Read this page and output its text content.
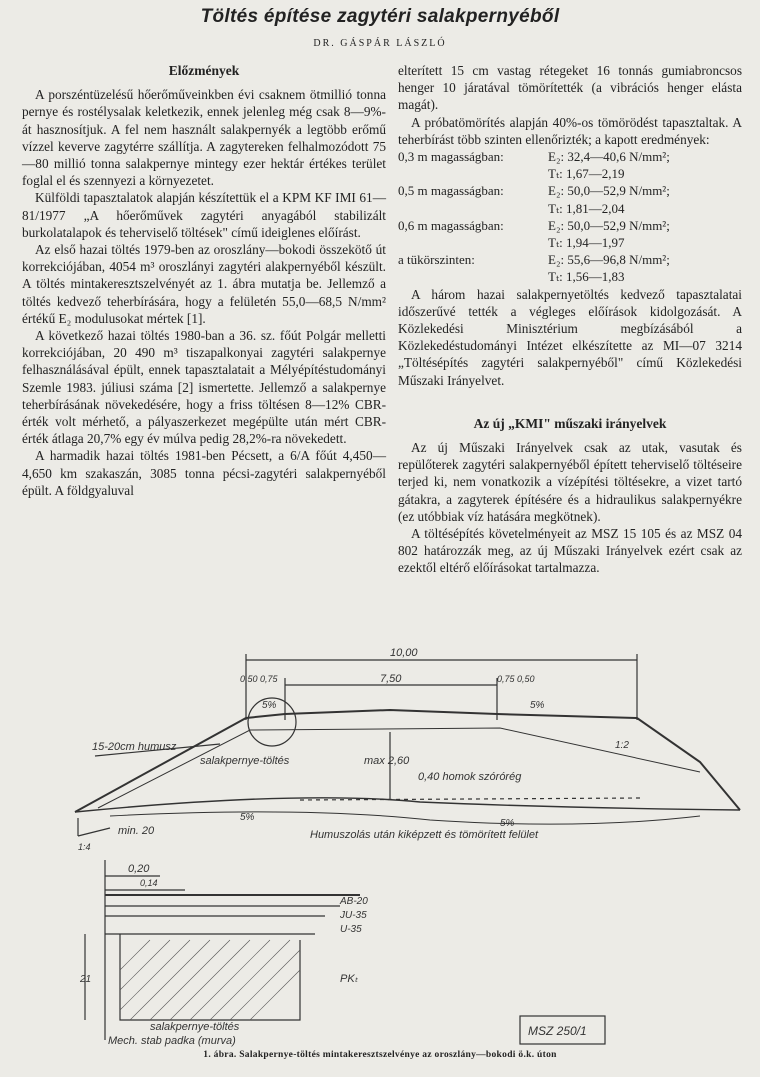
Töltés építése zagytéri salakpernyéből
DR. GÁSPÁR LÁSZLÓ
Előzmények

A porszéntüzelésű hőerőműveinkben évi csaknem ötmillió tonna pernye és rostélysalak keletkezik, ennek jelenleg még csak 8—9%-át hasznosítjuk. A fel nem használt salakpernyék a legtöbb erőmű vízzel keverve zagytérre szállítja. A zagytereken felhalmozódott 75—80 millió tonna salakpernye mintegy ezer hektár értékes terület foglal el és szennyezi a környezetet.

Külföldi tapasztalatok alapján készítettük el a KPM KF IMI 61—81/1977 „A hőerőművek zagytéri anyagából stabilizált burkolatalapok és teherviselő töltések" című ideiglenes előírást.

Az első hazai töltés 1979-ben az oroszlány—bokodi összekötő út korrekciójában, 4054 m³ oroszlányi zagytéri alakpernyéből készült. A töltés mintakeresztszelvényét az 1. ábra mutatja be. Jellemző a töltés kedvező teherbírására, hogy a felületén 55,0—68,5 N/mm² értékű E₂ modulusokat mértek [1].

A következő hazai töltés 1980-ban a 36. sz. főút Polgár melletti korrekciójában, 20 490 m³ tiszapalkonyai zagytéri salakpernye felhasználásával épült, ennek tapasztalatait a Mélyépítéstudományi Szemle 1983. júliusi száma [2] ismertette. Jellemző a salakpernye teherbírásának növekedésére, hogy a friss töltésen 8—12% CBR-érték volt mérhető, a pályaszerkezet megépülte után mért CBR-érték átlaga 20,7% egy év múlva pedig 28,2%-ra növekedett.

A harmadik hazai töltés 1981-ben Pécsett, a 6/A főút 4,450—4,650 km szakaszán, 3085 tonna pécsi-zagytéri salakpernyéből épült. A földgyaluval

elterített 15 cm vastag rétegeket 16 tonnás gumiabroncsos henger 10 járatával tömörítették (a vibrációs henger elásta magát).

A próbatömörítés alapján 40%-os tömörödést tapasztaltak. A teherbírást több szinten ellenőrizték; a kapott eredmények:

0,3 m magasságban:	E₂: 32,4—40,6 N/mm²;
Tₜ: 1,67—2,19
0,5 m magasságban:	E₂: 50,0—52,9 N/mm²;
Tₜ: 1,81—2,04
0,6 m magasságban:	E₂: 50,0—52,9 N/mm²;
Tₜ: 1,94—1,97
a tükörszinten:	E₂: 55,6—96,8 N/mm²;
Tₜ: 1,56—1,83

A három hazai salakpernyetöltés kedvező tapasztalatai időszerűvé tették a végleges előírások kidolgozását. A Közlekedési Minisztérium megbízásából a Közlekedéstudományi Intézet elkészítette az MI—07 3214 „Töltésépítés zagytéri salakpernyéből" című Közlekedési Műszaki Irányelvet.

Az új „KMI" műszaki irányelvek

Az új Műszaki Irányelvek csak az utak, vasutak és repülőterek zagytéri salakpernyéből épített teherviselő töltéseire terjed ki, nem vonatkozik a vízépítési töltésekre, a vizet tartó gátakra, a zagyterek építésére és a hidraulikus salakpernyékre (ez utóbbiak víz hatására megkötnek).

A töltésépítés követelményeit az MSZ 15 105 és az MSZ 04 802 határozzák meg, az új Műszaki Irányelvek ezért csak az ezektől eltérő előírásokat tartalmazza.

10,00
7,50
0,50 0,75	0,75 0,50
5%	5%
1:2
15-20cm humusz
salakpernye-töltés	max 2,60
0,40 homok szórórég
min. 20
1:4
5%
5%
Humuszolás után kiképzett és tömörített felület
0,20
0,14
AB-20
JU-35
U-35
21	PKₜ
salakpernye-töltés
Mech. stab padka (murva)
MSZ 250/1
1. ábra. Salakpernye-töltés mintakeresztszelvénye az oroszlány—bokodi ö.k. úton
